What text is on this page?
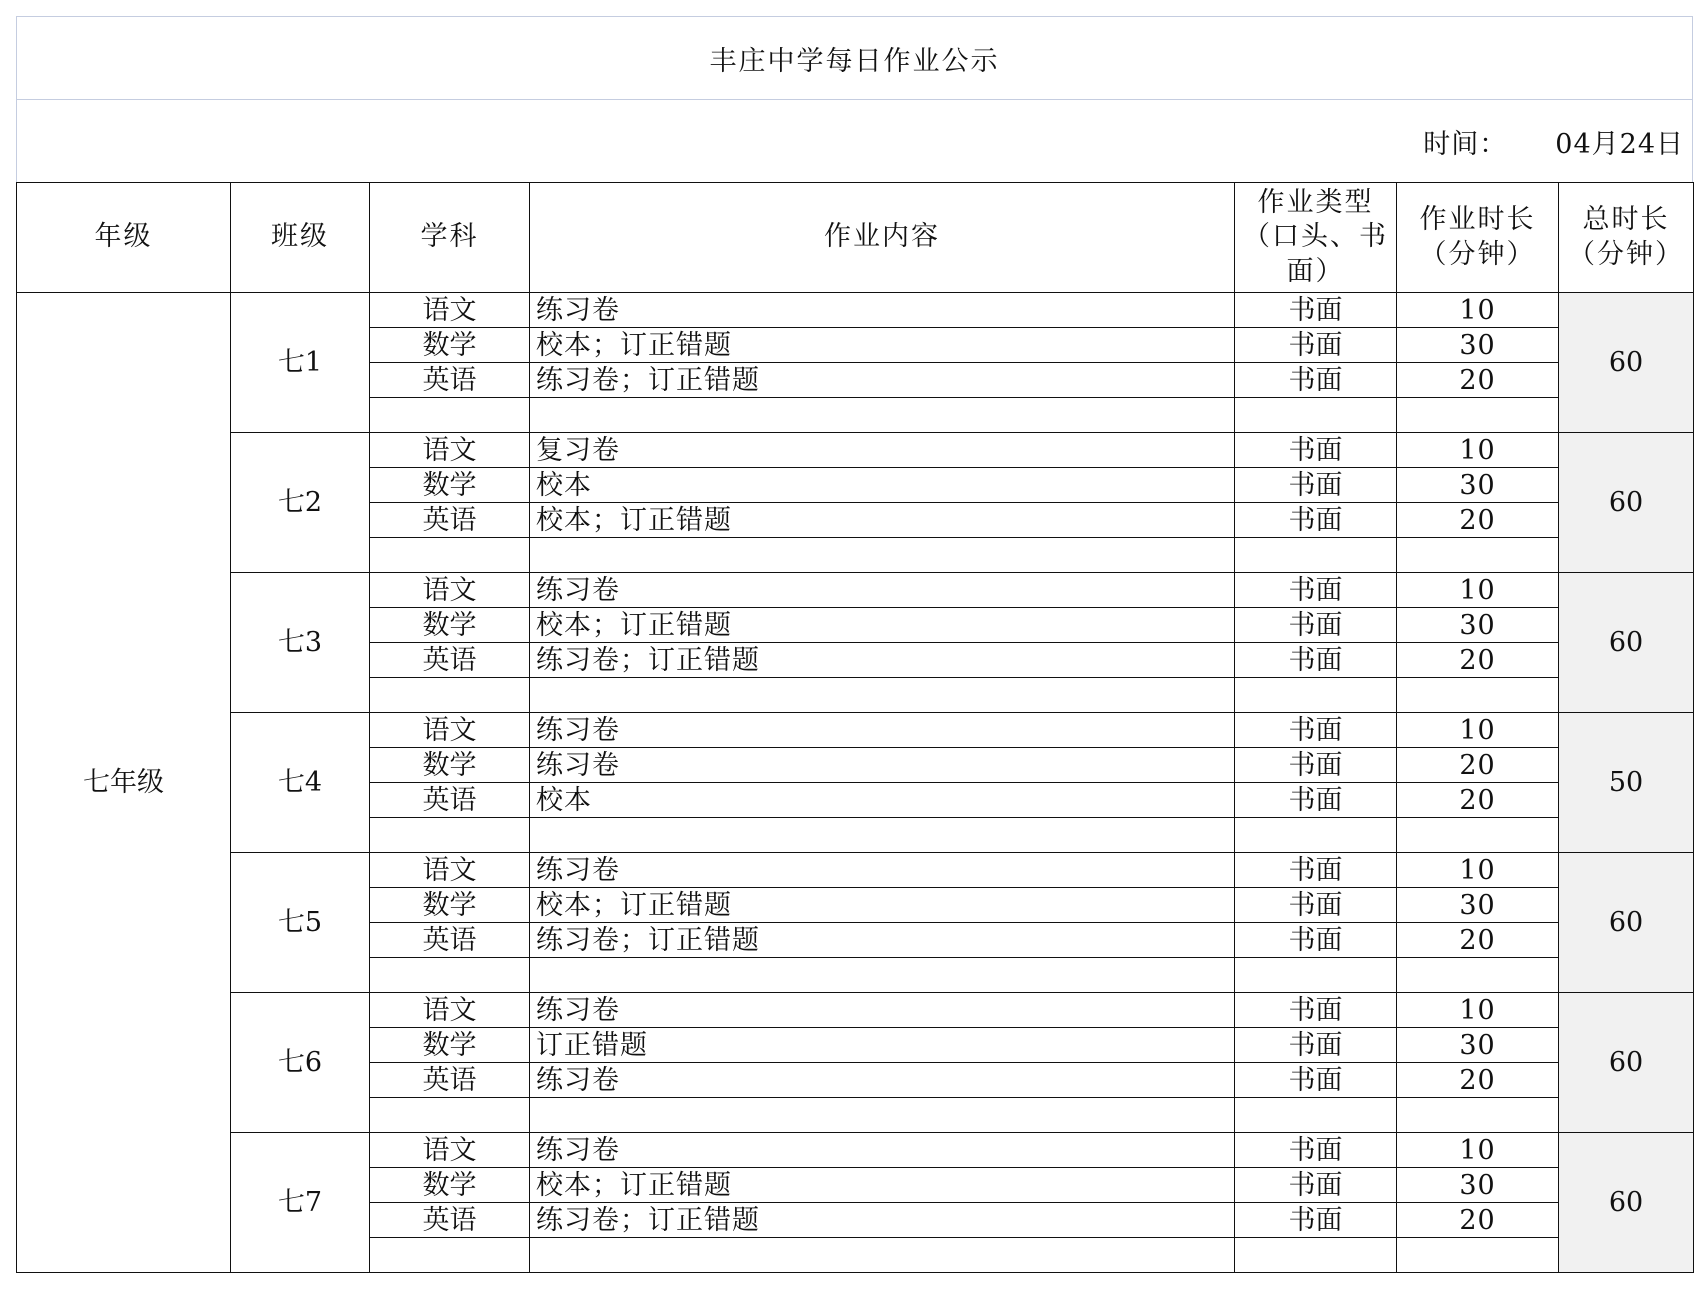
丰庄中学每日作业公示
时间： 04月24日
年级	班级	学科	作业内容	作业类型（口头、书面）	作业时长（分钟）	总时长（分钟）
七年级	七1	语文	练习卷	书面	10	60
		数学	校本；订正错题	书面	30	
		英语	练习卷；订正错题	书面	20	

	七2	语文	复习卷	书面	10	60
		数学	校本	书面	30	
		英语	校本；订正错题	书面	20	

	七3	语文	练习卷	书面	10	60
		数学	校本；订正错题	书面	30	
		英语	练习卷；订正错题	书面	20	

	七4	语文	练习卷	书面	10	50
		数学	练习卷	书面	20	
		英语	校本	书面	20	

	七5	语文	练习卷	书面	10	60
		数学	校本；订正错题	书面	30	
		英语	练习卷；订正错题	书面	20	

	七6	语文	练习卷	书面	10	60
		数学	订正错题	书面	30	
		英语	练习卷	书面	20	

	七7	语文	练习卷	书面	10	60
		数学	校本；订正错题	书面	30	
		英语	练习卷；订正错题	书面	20	
